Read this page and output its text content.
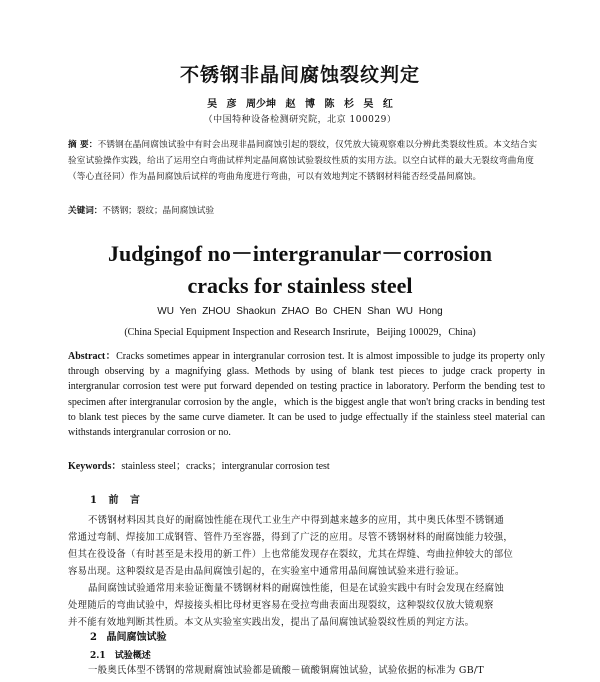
不锈钢非晶间腐蚀裂纹判定
吴 彦 周少坤 赵 博 陈 杉 吴 红
（中国特种设备检测研究院，北京 100029）
摘 要：不锈钢在晶间腐蚀试验中有时会出现非晶间腐蚀引起的裂纹，仅凭放大镜观察难以分辨此类裂纹性质。本文结合实验室试验操作实践，给出了运用空白弯曲试样判定晶间腐蚀试验裂纹性质的实用方法。以空白试样的最大无裂纹弯曲角度（等心直径同）作为晶间腐蚀后试样的弯曲角度进行弯曲，可以有效地判定不锈钢材料能否经受晶间腐蚀。
关键词：不锈钢；裂纹；晶间腐蚀试验
Judgingof no－intergranular－corrosion
cracks for stainless steel
WU Yen ZHOU Shaokun ZHAO Bo CHEN Shan WU Hong
(China Special Equipment Inspection and Research Insrirute，Beijing 100029，China)
Abstract：Cracks sometimes appear in intergranular corrosion test. It is almost impossible to judge its property only through observing by a magnifying glass. Methods by using of blank test pieces to judge crack property in intergranular corrosion test were put forward depended on testing practice in laboratory. Perform the bending test to specimen after intergranular corrosion by the angle，which is the biggest angle that won't bring cracks in bending test to blank test pieces by the same curve diameter. It can be used to judge effectually if the stainless steel material can withstands intergranular corrosion or no.
Keywords：stainless steel；cracks；intergranular corrosion test
1 前 言
不锈钢材料因其良好的耐腐蚀性能在现代工业生产中得到越来越多的应用，其中奥氏体型不锈钢通
常通过弯制、焊接加工成钢管、管件乃至容器，得到了广泛的应用。尽管不锈钢材料的耐腐蚀能力较强，
但其在役设备（有时甚至是未投用的新工件）上也常能发现存在裂纹，尤其在焊缝、弯曲拉伸较大的部位
容易出现。这种裂纹是否是由晶间腐蚀引起的，在实验室中通常用晶间腐蚀试验来进行验证。
晶间腐蚀试验通常用来验证衡量不锈钢材料的耐腐蚀性能，但是在试验实践中有时会发现在经腐蚀
处理随后的弯曲试验中，焊接接头相比母材更容易在受拉弯曲表面出现裂纹，这种裂纹仅放大镜观察
并不能有效地判断其性质。本文从实验室实践出发，提出了晶间腐蚀试验裂纹性质的判定方法。
2 晶间腐蚀试验
2.1 试验概述
一般奥氏体型不锈钢的常规耐腐蚀试验都是硫酸－硫酸铜腐蚀试验，试验依据的标准为 GB/T
